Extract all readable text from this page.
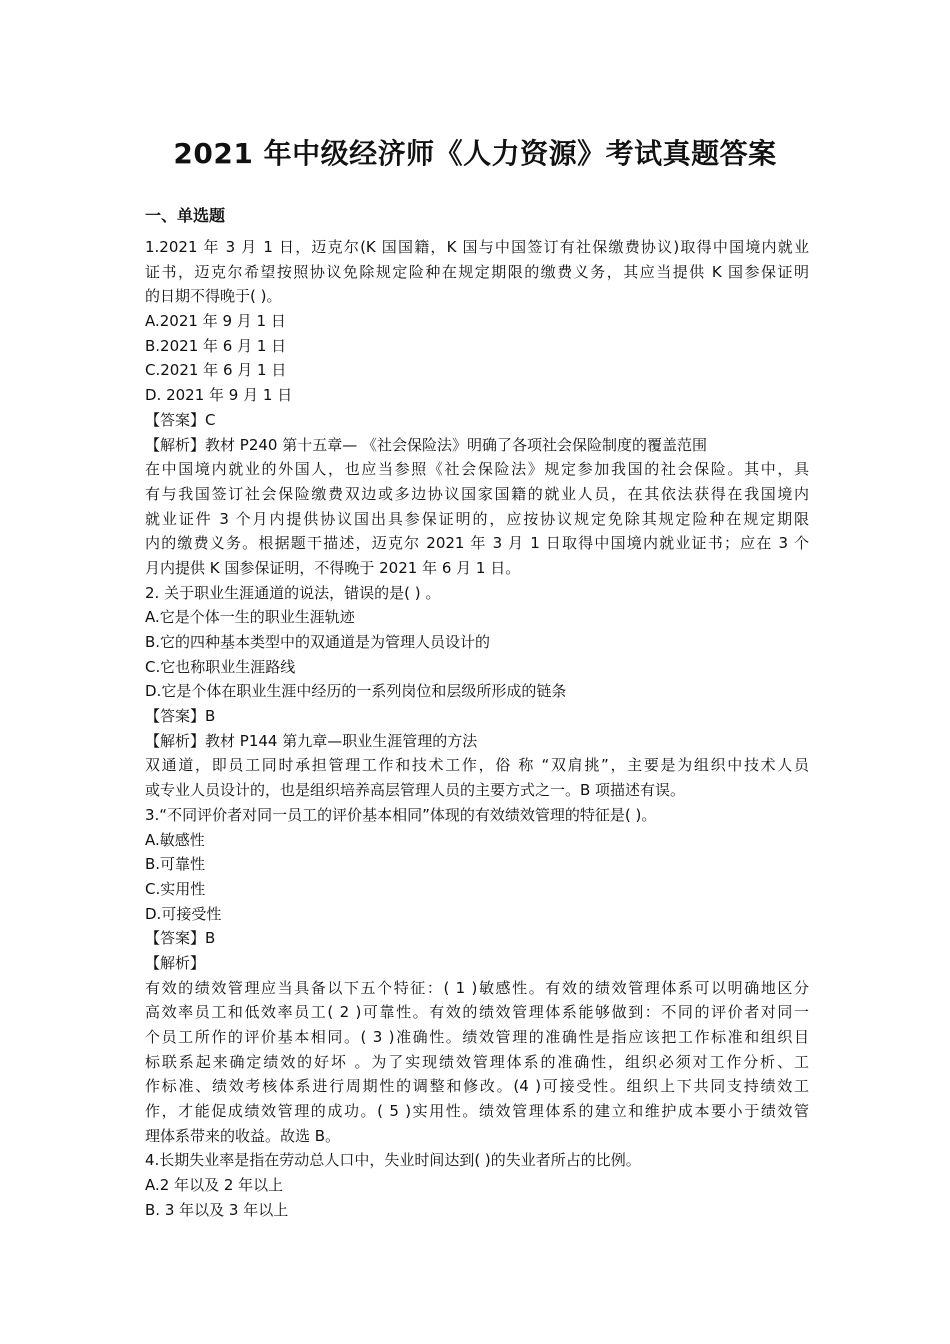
2021 年中级经济师《人力资源》考试真题答案
一、单选题
1.2021 年 3 月 1 日，迈克尔(K 国国籍，K 国与中国签订有社保缴费协议)取得中国境内就业
证书，迈克尔希望按照协议免除规定险种在规定期限的缴费义务，其应当提供 K 国参保证明
的日期不得晚于( )。
A.2021 年 9 月 1 日
B.2021 年 6 月 1 日
C.2021 年 6 月 1 日
D. 2021 年 9 月 1 日
【答案】C
【解析】教材 P240 第十五章— 《社会保险法》明确了各项社会保险制度的覆盖范围
在中国境内就业的外国人，也应当参照《社会保险法》规定参加我国的社会保险。其中，具
有与我国签订社会保险缴费双边或多边协议国家国籍的就业人员，在其依法获得在我国境内
就业证件 3 个月内提供协议国出具参保证明的，应按协议规定免除其规定险种在规定期限
内的缴费义务。根据题干描述，迈克尔 2021 年 3 月 1 日取得中国境内就业证书；应在 3 个
月内提供 K 国参保证明，不得晚于 2021 年 6 月 1 日。
2. 关于职业生涯通道的说法，错误的是( ) 。
A.它是个体一生的职业生涯轨迹
B.它的四种基本类型中的双通道是为管理人员设计的
C.它也称职业生涯路线
D.它是个体在职业生涯中经历的一系列岗位和层级所形成的链条
【答案】B
【解析】教材 P144 第九章—职业生涯管理的方法
双通道，即员工同时承担管理工作和技术工作，俗 称 “双肩挑”，主要是为组织中技术人员
或专业人员设计的，也是组织培养高层管理人员的主要方式之一。B 项描述有误。
3.“不同评价者对同一员工的评价基本相同”体现的有效绩效管理的特征是( )。
A.敏感性
B.可靠性
C.实用性
D.可接受性
【答案】B
【解析】
有效的绩效管理应当具备以下五个特征：( 1 )敏感性。有效的绩效管理体系可以明确地区分
高效率员工和低效率员工( 2 )可靠性。有效的绩效管理体系能够做到：不同的评价者对同一
个员工所作的评价基本相同。( 3 )准确性。绩效管理的准确性是指应该把工作标准和组织目
标联系起来确定绩效的好坏 。为了实现绩效管理体系的准确性，组织必须对工作分析、工
作标准、绩效考核体系进行周期性的调整和修改。(4 )可接受性。组织上下共同支持绩效工
作，才能促成绩效管理的成功。( 5 )实用性。绩效管理体系的建立和维护成本要小于绩效管
理体系带来的收益。故选 B。
4.长期失业率是指在劳动总人口中，失业时间达到( )的失业者所占的比例。
A.2 年以及 2 年以上
B. 3 年以及 3 年以上
